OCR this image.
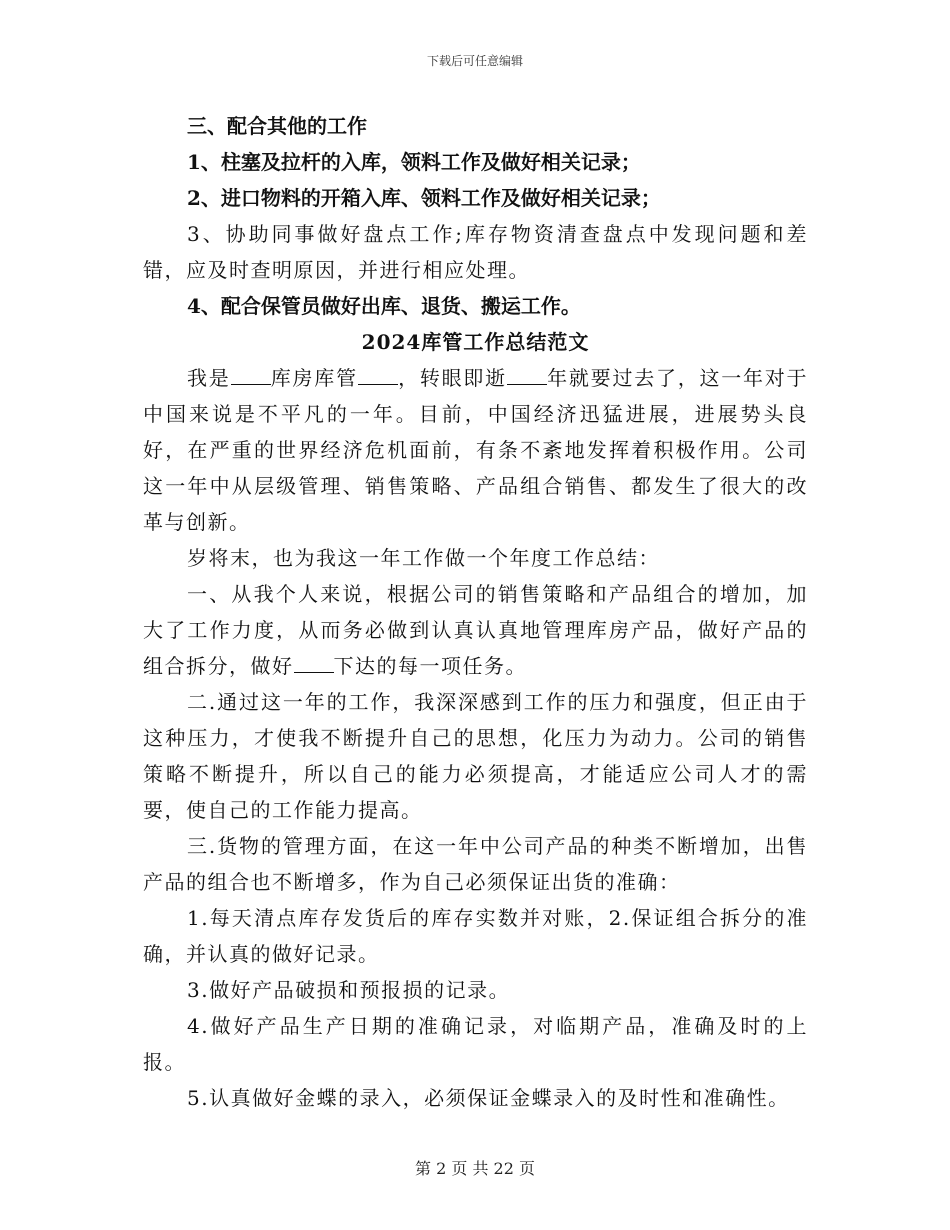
下载后可任意编辑

三、配合其他的工作

1、柱塞及拉杆的入库，领料工作及做好相关记录；

2、进口物料的开箱入库、领料工作及做好相关记录；

3、协助同事做好盘点工作;库存物资清查盘点中发现问题和差错，应及时查明原因，并进行相应处理。

4、配合保管员做好出库、退货、搬运工作。

2024库管工作总结范文

我是 库房库管 ，转眼即逝 年就要过去了，这一年对于中国来说是不平凡的一年。目前，中国经济迅猛进展，进展势头良好，在严重的世界经济危机面前，有条不紊地发挥着积极作用。公司这一年中从层级管理、销售策略、产品组合销售、都发生了很大的改革与创新。

岁将末，也为我这一年工作做一个年度工作总结：

一、从我个人来说，根据公司的销售策略和产品组合的增加，加大了工作力度，从而务必做到认真认真地管理库房产品，做好产品的组合拆分，做好 下达的每一项任务。

二.通过这一年的工作，我深深感到工作的压力和强度，但正由于这种压力，才使我不断提升自己的思想，化压力为动力。公司的销售策略不断提升，所以自己的能力必须提高，才能适应公司人才的需要，使自己的工作能力提高。

三.货物的管理方面，在这一年中公司产品的种类不断增加，出售产品的组合也不断增多，作为自己必须保证出货的准确：

1.每天清点库存发货后的库存实数并对账，2.保证组合拆分的准确，并认真的做好记录。

3.做好产品破损和预报损的记录。

4.做好产品生产日期的准确记录，对临期产品，准确及时的上报。

5.认真做好金蝶的录入，必须保证金蝶录入的及时性和准确性。

第 2 页 共 22 页
